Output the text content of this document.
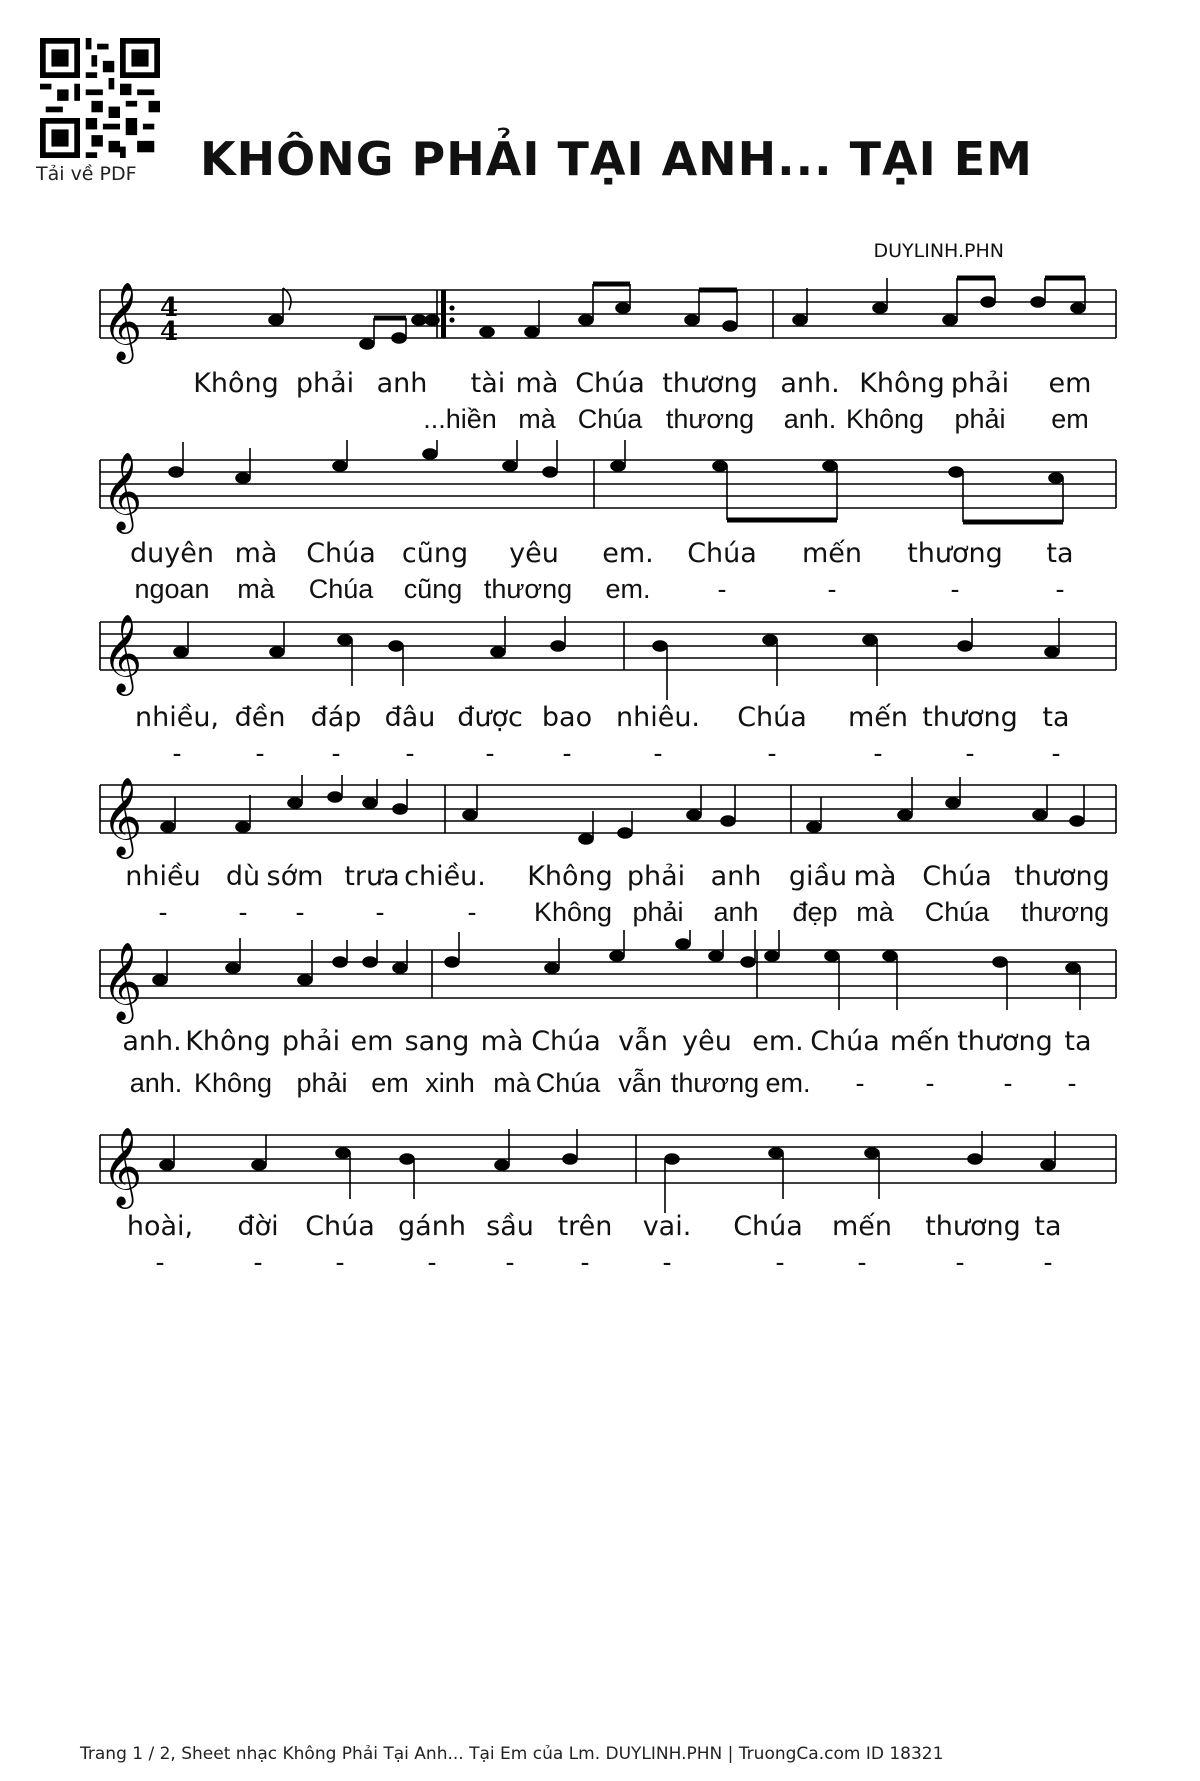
Tải về PDF KHÔNG PHẢI TẠI ANH... TẠI EM
DUYLINH.PHN
𝄞 4
4
Không phải anh tài mà Chúa thương anh. Không phải em
...hiền mà Chúa thương anh. Không phải em
𝄞
duyên mà Chúa cũng yêu em. Chúa mến thương ta
ngoan mà Chúa cũng thương em. -	-	-	-
𝄞
nhiều, đền đáp đâu được bao nhiêu. Chúa mến thương ta
-	- - -	-	-	-	-	-	-	-
𝄞
nhiều dù sớm trưa chiều. Không phải anh giầu mà Chúa thương
-	- -	-	- Không phải anh đẹp mà Chúa thương
𝄞
anh. Không phải em sang mà Chúa vẫn yêu em. Chúa mến thương ta
anh. Không phải em xinh mà Chúa vẫn thương em. - -	- -
𝄞
hoài, đời Chúa gánh sầu trên vai. Chúa mến thương ta
-	-	-	-	- -	-	-	-	-	-
Trang 1 / 2, Sheet nhạc Không Phải Tại Anh... Tại Em của Lm. DUYLINH.PHN | TruongCa.com ID 18321
